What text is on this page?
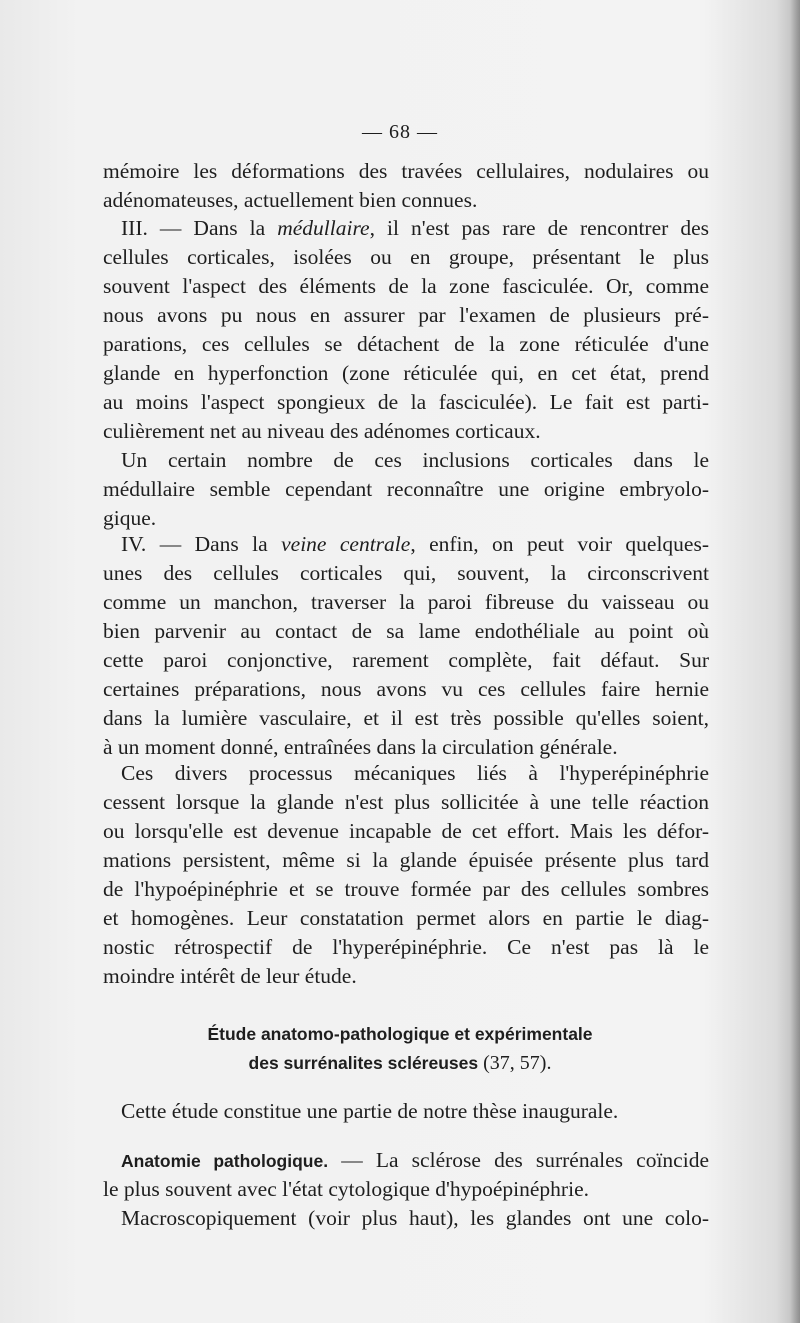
— 68 —
mémoire les déformations des travées cellulaires, nodulaires ou
adénomateuses, actuellement bien connues.
III. — Dans la médullaire, il n'est pas rare de rencontrer des
cellules corticales, isolées ou en groupe, présentant le plus
souvent l'aspect des éléments de la zone fasciculée. Or, comme
nous avons pu nous en assurer par l'examen de plusieurs pré-
parations, ces cellules se détachent de la zone réticulée d'une
glande en hyperfonction (zone réticulée qui, en cet état, prend
au moins l'aspect spongieux de la fasciculée). Le fait est parti-
culièrement net au niveau des adénomes corticaux.
Un certain nombre de ces inclusions corticales dans le
médullaire semble cependant reconnaître une origine embryolo-
gique.
IV. — Dans la veine centrale, enfin, on peut voir quelques-
unes des cellules corticales qui, souvent, la circonscrivent
comme un manchon, traverser la paroi fibreuse du vaisseau ou
bien parvenir au contact de sa lame endothéliale au point où
cette paroi conjonctive, rarement complète, fait défaut. Sur
certaines préparations, nous avons vu ces cellules faire hernie
dans la lumière vasculaire, et il est très possible qu'elles soient,
à un moment donné, entraînées dans la circulation générale.
Ces divers processus mécaniques liés à l'hyperépinéphrie
cessent lorsque la glande n'est plus sollicitée à une telle réaction
ou lorsqu'elle est devenue incapable de cet effort. Mais les défor-
mations persistent, même si la glande épuisée présente plus tard
de l'hypoépinéphrie et se trouve formée par des cellules sombres
et homogènes. Leur constatation permet alors en partie le diag-
nostic rétrospectif de l'hyperépinéphrie. Ce n'est pas là le
moindre intérêt de leur étude.
Étude anatomo-pathologique et expérimentale
des surrénalites scléreuses (37, 57).
Cette étude constitue une partie de notre thèse inaugurale.
Anatomie pathologique. — La sclérose des surrénales coïncide
le plus souvent avec l'état cytologique d'hypoépinéphrie.
Macroscopiquement (voir plus haut), les glandes ont une colo-
